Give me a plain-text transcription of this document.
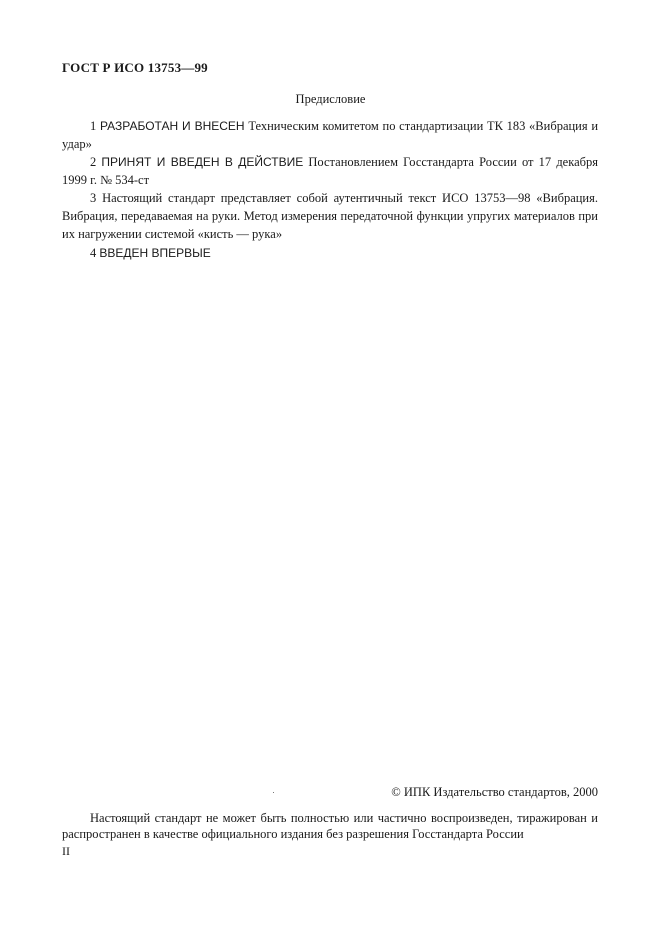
ГОСТ Р ИСО 13753—99
Предисловие
1 РАЗРАБОТАН И ВНЕСЕН Техническим комитетом по стандартизации ТК 183 «Вибрация и удар»
2 ПРИНЯТ И ВВЕДЕН В ДЕЙСТВИЕ Постановлением Госстандарта России от 17 декабря 1999 г. № 534-ст
3 Настоящий стандарт представляет собой аутентичный текст ИСО 13753—98 «Вибрация. Вибрация, передаваемая на руки. Метод измерения передаточной функции упругих материалов при их нагружении системой «кисть — рука»
4 ВВЕДЕН ВПЕРВЫЕ
© ИПК Издательство стандартов, 2000
Настоящий стандарт не может быть полностью или частично воспроизведен, тиражирован и распространен в качестве официального издания без разрешения Госстандарта России
II
